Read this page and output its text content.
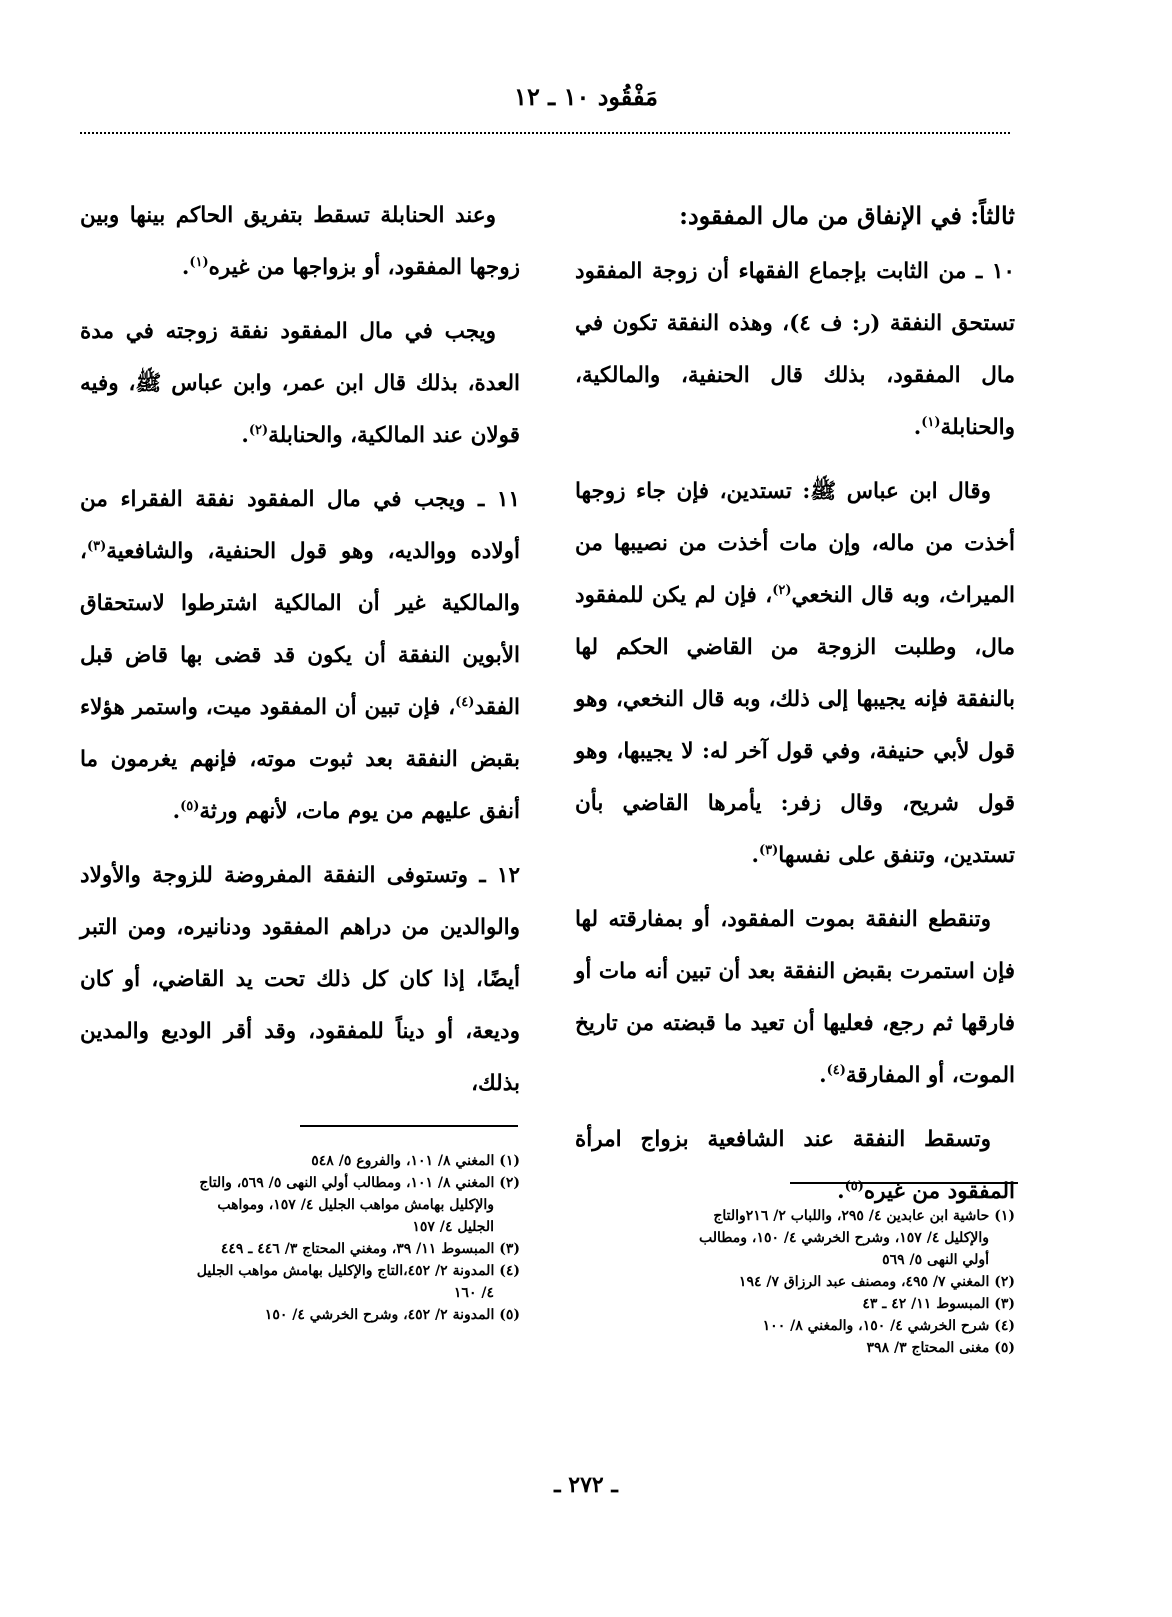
مَفْقُود ١٠ ـ ١٢
ثالثاً: في الإنفاق من مال المفقود:

١٠ ـ من الثابت بإجماع الفقهاء أن زوجة المفقود تستحق النفقة (ر: ف ٤)، وهذه النفقة تكون في مال المفقود، بذلك قال الحنفية، والمالكية، والحنابلة$^{(١)}$.

وقال ابن عباس ﷺ: تستدين، فإن جاء زوجها أخذت من ماله، وإن مات أخذت من نصيبها من الميراث، وبه قال النخعي$^{(٢)}$، فإن لم يكن للمفقود مال، وطلبت الزوجة من القاضي الحكم لها بالنفقة فإنه يجيبها إلى ذلك، وبه قال النخعي، وهو قول لأبي حنيفة، وفي قول آخر له: لا يجيبها، وهو قول شريح، وقال زفر: يأمرها القاضي بأن تستدين، وتنفق على نفسها$^{(٣)}$.

وتنقطع النفقة بموت المفقود، أو بمفارقته لها فإن استمرت بقبض النفقة بعد أن تبين أنه مات أو فارقها ثم رجع، فعليها أن تعيد ما قبضته من تاريخ الموت، أو المفارقة$^{(٤)}$.

وتسقط النفقة عند الشافعية بزواج امرأة المفقود من غيره$^{(٥)}$.

وعند الحنابلة تسقط بتفريق الحاكم بينها وبين زوجها المفقود، أو بزواجها من غيره$^{(١)}$.

ويجب في مال المفقود نفقة زوجته في مدة العدة، بذلك قال ابن عمر، وابن عباس ﷺ، وفيه قولان عند المالكية، والحنابلة$^{(٢)}$.

١١ ـ ويجب في مال المفقود نفقة الفقراء من أولاده ووالديه، وهو قول الحنفية، والشافعية$^{(٣)}$، والمالكية غير أن المالكية اشترطوا لاستحقاق الأبوين النفقة أن يكون قد قضى بها قاض قبل الفقد$^{(٤)}$، فإن تبين أن المفقود ميت، واستمر هؤلاء بقبض النفقة بعد ثبوت موته، فإنهم يغرمون ما أنفق عليهم من يوم مات، لأنهم ورثة$^{(٥)}$.

١٢ ـ وتستوفى النفقة المفروضة للزوجة والأولاد والوالدين من دراهم المفقود ودنانيره، ومن التبر أيضًا، إذا كان كل ذلك تحت يد القاضي، أو كان وديعة، أو ديناً للمفقود، وقد أقر الوديع والمدين بذلك،

(١) حاشية ابن عابدين ٤/ ٢٩٥، واللباب ٢/ ٢١٦والتاج
والإكليل ٤/ ١٥٧، وشرح الخرشي ٤/ ١٥٠، ومطالب
أولي النهى ٥/ ٥٦٩
(٢) المغني ٧/ ٤٩٥، ومصنف عبد الرزاق ٧/ ١٩٤
(٣) المبسوط ١١/ ٤٢ ـ ٤٣
(٤) شرح الخرشي ٤/ ١٥٠، والمغني ٨/ ١٠٠
(٥) مغنى المحتاج ٣/ ٣٩٨
(١) المغني ٨/ ١٠١، والفروع ٥/ ٥٤٨
(٢) المغني ٨/ ١٠١، ومطالب أولي النهى ٥/ ٥٦٩، والتاج
والإكليل بهامش مواهب الجليل ٤/ ١٥٧، ومواهب
الجليل ٤/ ١٥٧
(٣) المبسوط ١١/ ٣٩، ومغني المحتاج ٣/ ٤٤٦ ـ ٤٤٩
(٤) المدونة ٢/ ٤٥٢،التاج والإكليل بهامش مواهب الجليل
٤/ ١٦٠
(٥) المدونة ٢/ ٤٥٢، وشرح الخرشي ٤/ ١٥٠
ـ ٢٧٢ ـ
